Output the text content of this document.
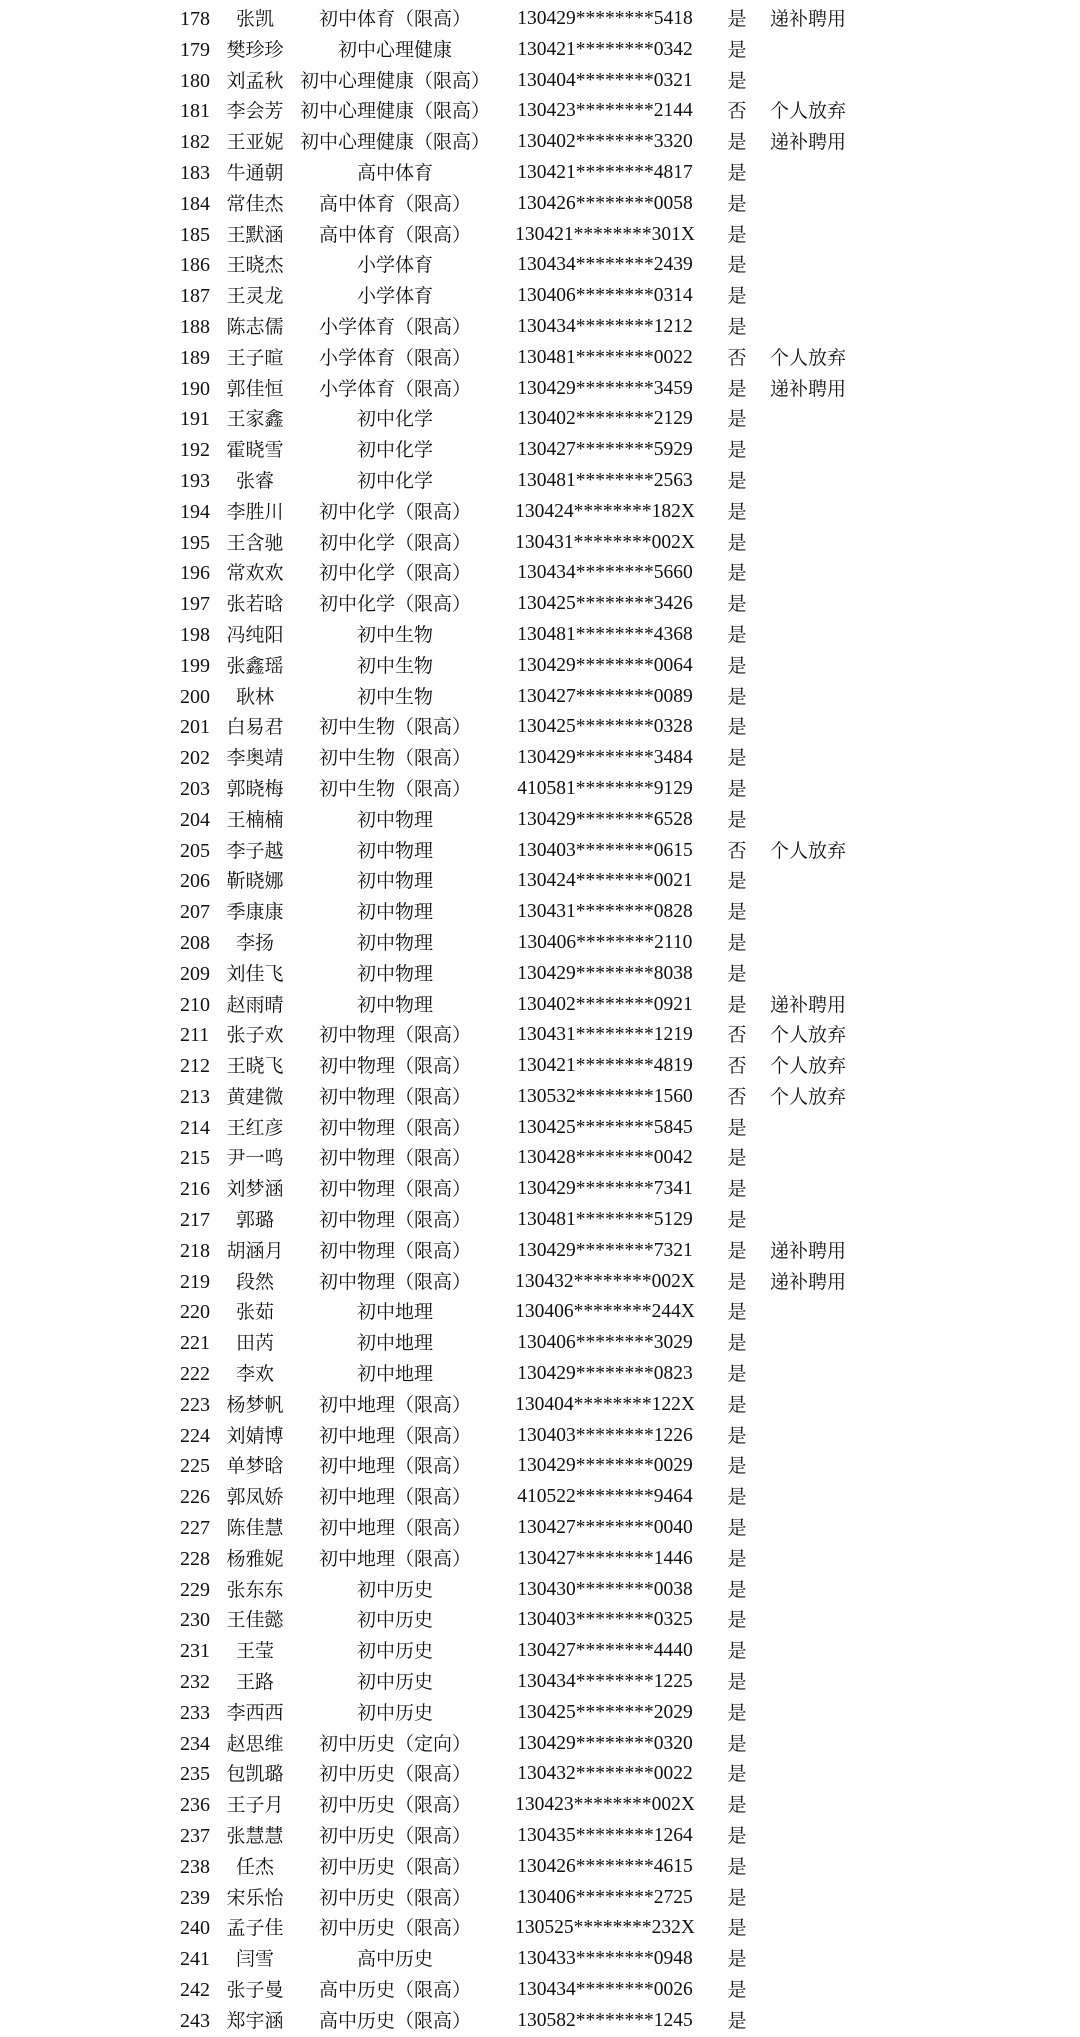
178	张凯	初中体育（限高）	130429********5418	是 递补聘用
179 樊珍珍	初中心理健康	130421********0342	是
180 刘孟秋 初中心理健康（限高）	130404********0321	是
181 李会芳 初中心理健康（限高）	130423********2144	否 个人放弃
182 王亚妮 初中心理健康（限高）	130402********3320	是 递补聘用
183 牛通朝	高中体育	130421********4817	是
184 常佳杰	高中体育（限高）	130426********0058	是
185 王默涵	高中体育（限高）	130421********301X	是
186 王晓杰	小学体育	130434********2439	是
187 王灵龙	小学体育	130406********0314	是
188 陈志儒	小学体育（限高）	130434********1212	是
189 王子暄	小学体育（限高）	130481********0022	否 个人放弃
190 郭佳恒	小学体育（限高）	130429********3459	是 递补聘用
191 王家鑫	初中化学	130402********2129	是
192 霍晓雪	初中化学	130427********5929	是
193	张睿	初中化学	130481********2563	是
194 李胜川	初中化学（限高）	130424********182X	是
195 王含驰	初中化学（限高）	130431********002X	是
196 常欢欢	初中化学（限高）	130434********5660	是
197 张若晗	初中化学（限高）	130425********3426	是
198 冯纯阳	初中生物	130481********4368	是
199 张鑫瑶	初中生物	130429********0064	是
200	耿林	初中生物	130427********0089	是
201 白易君	初中生物（限高）	130425********0328	是
202 李奥靖	初中生物（限高）	130429********3484	是
203 郭晓梅	初中生物（限高）	410581********9129	是
204 王楠楠	初中物理	130429********6528	是
205 李子越	初中物理	130403********0615	否 个人放弃
206 靳晓娜	初中物理	130424********0021	是
207 季康康	初中物理	130431********0828	是
208	李扬	初中物理	130406********2110	是
209 刘佳飞	初中物理	130429********8038	是
210 赵雨晴	初中物理	130402********0921	是 递补聘用
211 张子欢	初中物理（限高）	130431********1219	否 个人放弃
212 王晓飞	初中物理（限高）	130421********4819	否 个人放弃
213 黄建微	初中物理（限高）	130532********1560	否 个人放弃
214 王红彦	初中物理（限高）	130425********5845	是
215 尹一鸣	初中物理（限高）	130428********0042	是
216 刘梦涵	初中物理（限高）	130429********7341	是
217	郭璐	初中物理（限高）	130481********5129	是
218 胡涵月	初中物理（限高）	130429********7321	是 递补聘用
219	段然	初中物理（限高）	130432********002X	是 递补聘用
220	张茹	初中地理	130406********244X	是
221	田芮	初中地理	130406********3029	是
222	李欢	初中地理	130429********0823	是
223 杨梦帆	初中地理（限高）	130404********122X	是
224 刘婧博	初中地理（限高）	130403********1226	是
225 单梦晗	初中地理（限高）	130429********0029	是
226 郭凤娇	初中地理（限高）	410522********9464	是
227 陈佳慧	初中地理（限高）	130427********0040	是
228 杨雅妮	初中地理（限高）	130427********1446	是
229 张东东	初中历史	130430********0038	是
230 王佳懿	初中历史	130403********0325	是
231	王莹	初中历史	130427********4440	是
232	王路	初中历史	130434********1225	是
233 李西西	初中历史	130425********2029	是
234 赵思维	初中历史（定向）	130429********0320	是
235 包凯璐	初中历史（限高）	130432********0022	是
236 王子月	初中历史（限高）	130423********002X	是
237 张慧慧	初中历史（限高）	130435********1264	是
238	任杰	初中历史（限高）	130426********4615	是
239 宋乐怡	初中历史（限高）	130406********2725	是
240 孟子佳	初中历史（限高）	130525********232X	是
241	闫雪	高中历史	130433********0948	是
242 张子曼	高中历史（限高）	130434********0026	是
243 郑宇涵	高中历史（限高）	130582********1245	是
